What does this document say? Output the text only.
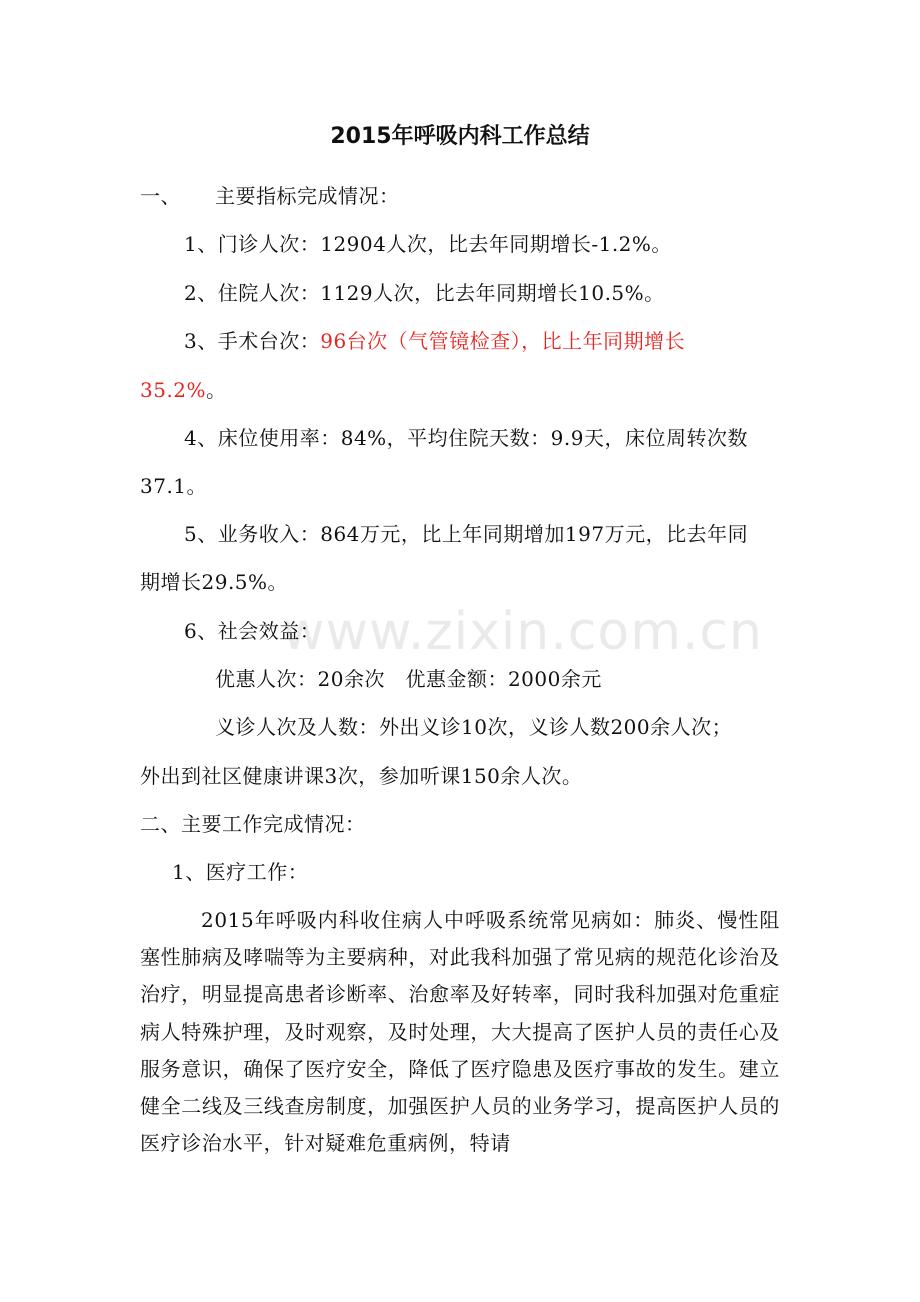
www.zixin.com.cn
2015年呼吸内科工作总结
一、 主要指标完成情况：
1、门诊人次：12904人次，比去年同期增长-1.2%。
2、住院人次：1129人次，比去年同期增长10.5%。
3、手术台次：96台次（气管镜检查），比上年同期增长
35.2%。
4、床位使用率：84%，平均住院天数：9.9天，床位周转次数
37.1。
5、业务收入：864万元，比上年同期增加197万元，比去年同
期增长29.5%。
6、社会效益：
优惠人次：20余次　优惠金额：2000余元
义诊人次及人数：外出义诊10次，义诊人数200余人次；
外出到社区健康讲课3次，参加听课150余人次。
二、主要工作完成情况：
1、医疗工作：
2015年呼吸内科收住病人中呼吸系统常见病如：肺炎、慢性阻塞性肺病及哮喘等为主要病种，对此我科加强了常见病的规范化诊治及治疗，明显提高患者诊断率、治愈率及好转率，同时我科加强对危重症病人特殊护理，及时观察，及时处理，大大提高了医护人员的责任心及服务意识，确保了医疗安全，降低了医疗隐患及医疗事故的发生。建立健全二线及三线查房制度，加强医护人员的业务学习，提高医护人员的医疗诊治水平，针对疑难危重病例，特请
